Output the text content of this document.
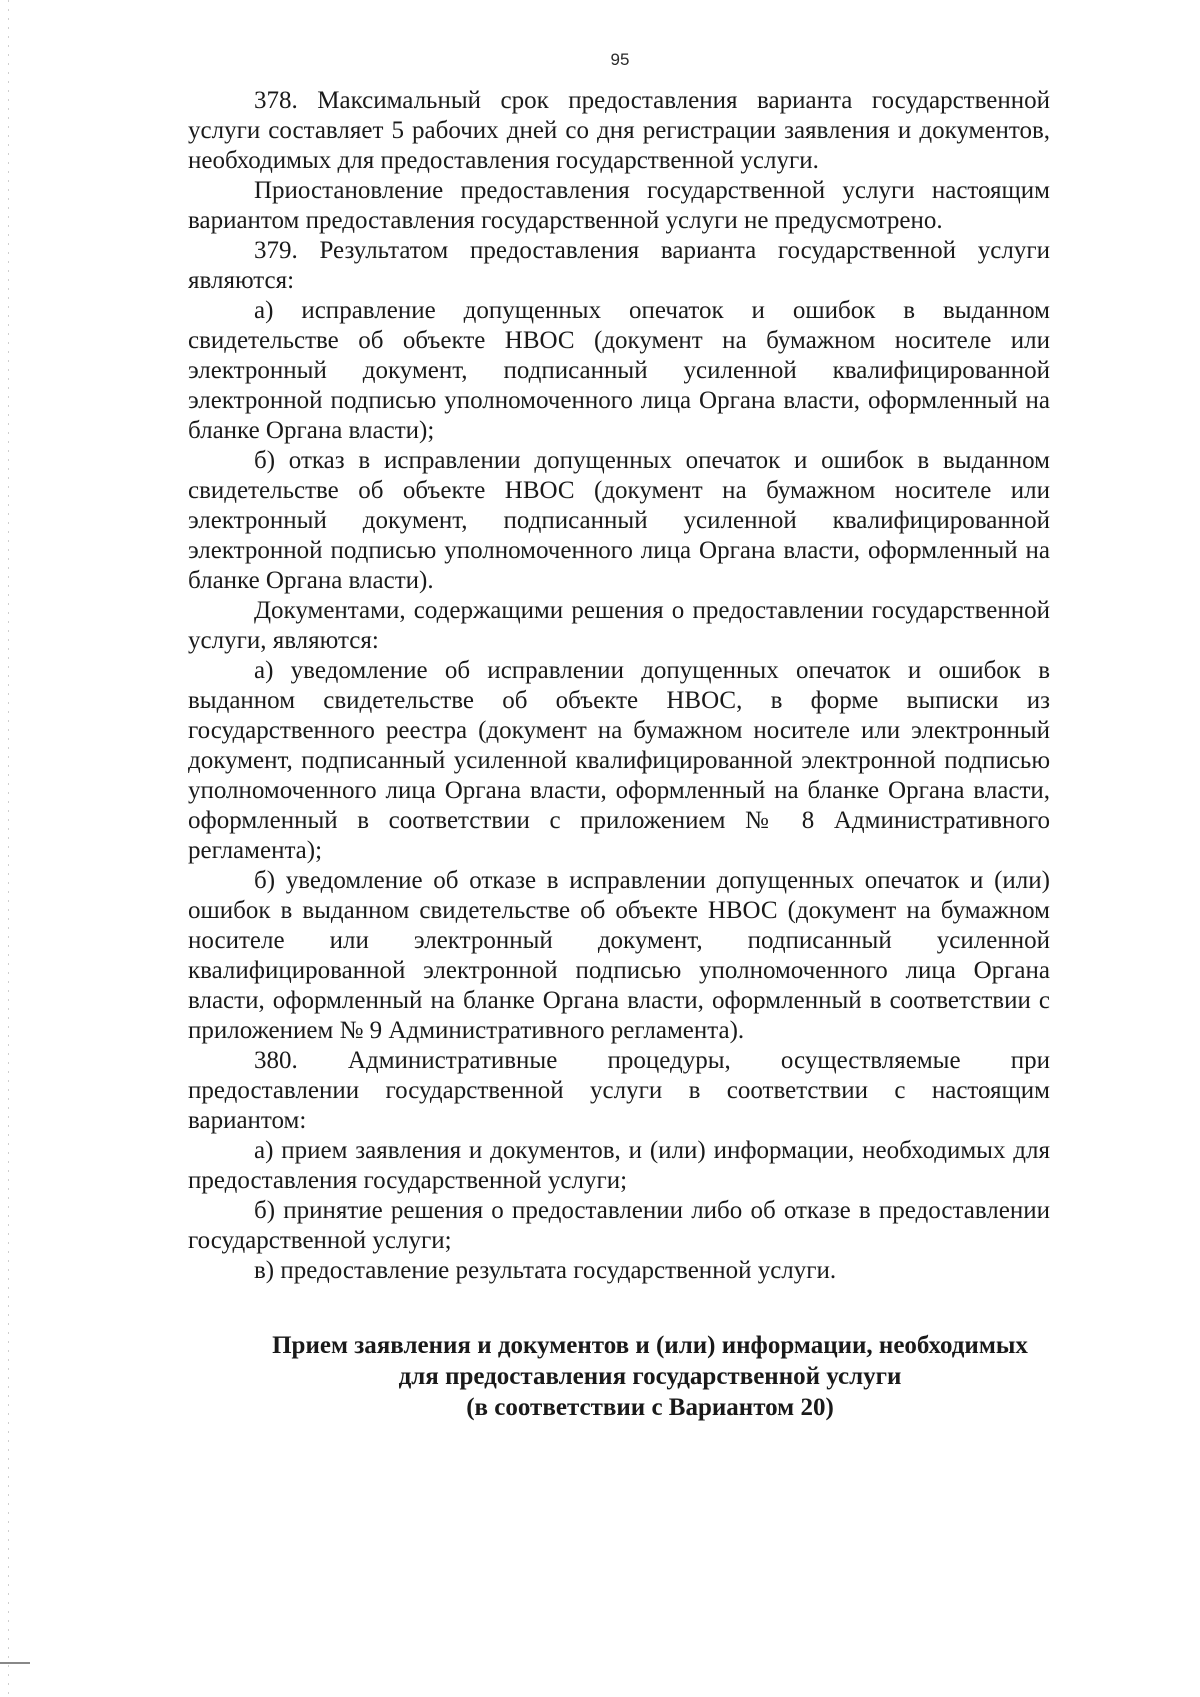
95

378. Максимальный срок предоставления варианта государственной услуги составляет 5 рабочих дней со дня регистрации заявления и документов, необходимых для предоставления государственной услуги.

Приостановление предоставления государственной услуги настоящим вариантом предоставления государственной услуги не предусмотрено.

379. Результатом предоставления варианта государственной услуги являются:

а) исправление допущенных опечаток и ошибок в выданном свидетельстве об объекте НВОС (документ на бумажном носителе или электронный документ, подписанный усиленной квалифицированной электронной подписью уполномоченного лица Органа власти, оформленный на бланке Органа власти);

б) отказ в исправлении допущенных опечаток и ошибок в выданном свидетельстве об объекте НВОС (документ на бумажном носителе или электронный документ, подписанный усиленной квалифицированной электронной подписью уполномоченного лица Органа власти, оформленный на бланке Органа власти).

Документами, содержащими решения о предоставлении государственной услуги, являются:

а) уведомление об исправлении допущенных опечаток и ошибок в выданном свидетельстве об объекте НВОС, в форме выписки из государственного реестра (документ на бумажном носителе или электронный документ, подписанный усиленной квалифицированной электронной подписью уполномоченного лица Органа власти, оформленный на бланке Органа власти, оформленный в соответствии с приложением № 8 Административного регламента);

б) уведомление об отказе в исправлении допущенных опечаток и (или) ошибок в выданном свидетельстве об объекте НВОС (документ на бумажном носителе или электронный документ, подписанный усиленной квалифицированной электронной подписью уполномоченного лица Органа власти, оформленный на бланке Органа власти, оформленный в соответствии с приложением № 9 Административного регламента).

380. Административные процедуры, осуществляемые при предоставлении государственной услуги в соответствии с настоящим вариантом:

а) прием заявления и документов, и (или) информации, необходимых для предоставления государственной услуги;

б) принятие решения о предоставлении либо об отказе в предоставлении государственной услуги;

в) предоставление результата государственной услуги.

Прием заявления и документов и (или) информации, необходимых
для предоставления государственной услуги
(в соответствии с Вариантом 20)
